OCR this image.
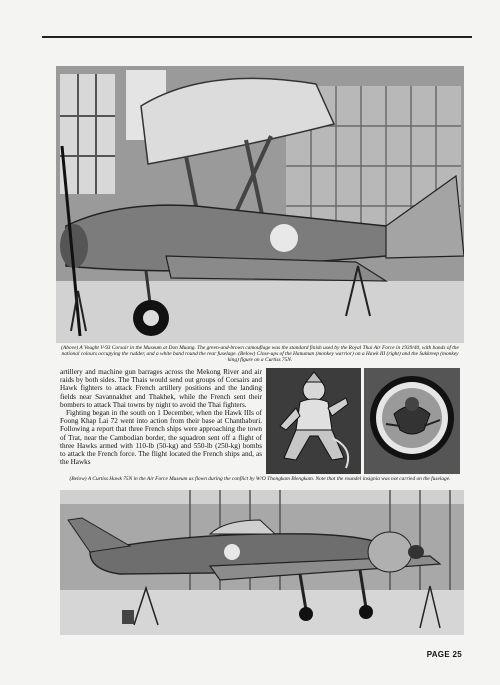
(Above) A Vought V-93 Corsair in the Museum at Don Muang. The green-and-brown camouflage was the standard finish used by the Royal Thai Air Force in 1939/40, with bands of the national colours occupying the rudder, and a white band round the rear fuselage. (Below) Close-ups of the Hanuman (monkey warrior) on a Hawk III (right) and the Sukkreep (monkey king) figure on a Curtiss 75N.

artillery and machine gun barrages across the Mekong River and air raids by both sides. The Thais would send out groups of Corsairs and Hawk fighters to attack French artillery positions and the landing fields near Savannakhet and Thakhek, while the French sent their bombers to attack Thai towns by night to avoid the Thai fighters.

Fighting began in the south on 1 December, when the Hawk IIIs of Foong Khap Lai 72 went into action from their base at Chanthaburi. Following a report that three French ships were approaching the town of Trat, near the Cambodian border, the squadron sent off a flight of three Hawks armed with 110-lb (50-kg) and 550-lb (250-kg) bombs to attack the French force. The flight located the French ships and, as the Hawks

(Below) A Curtiss Hawk 75N in the Air Force Museum as flown during the conflict by W/O Thongkam Blengkam. Note that the roundel insignia was not carried on the fuselage.
PAGE 25
